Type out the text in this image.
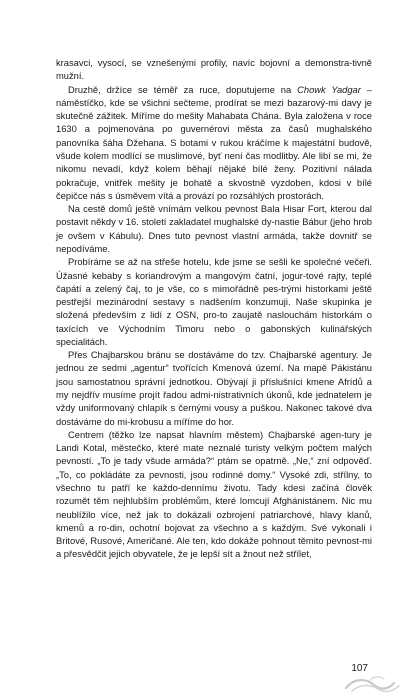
krasavci, vysocí, se vznešenými profily, navíc bojovní a demonstra-tivně mužní.

Druzhě, držíce se téměř za ruce, doputujeme na Chowk Yadgar – náměstíčko, kde se všichni sečteme, prodírat se mezi bazarový-mi davy je skutečně zážitek. Míříme do mešity Mahabata Chána. Byla založena v roce 1630 a pojmenována po guvernérovi města za časů mughalského panovníka šáha Džehana. S botami v rukou kráčíme k majestátní budově, všude kolem modlící se muslimové, byť není čas modlitby. Ale libí se mi, že nikomu nevadí, když kolem běhají nějaké bílé ženy. Pozitivní nálada pokračuje, vnitřek mešity je bohatě a skvostně vyzdoben, kdosi v bílé čepičce nás s úsměvem vítá a provází po rozsáhlých prostorách.

Na cestě domů ještě vnímám velkou pevnost Bala Hisar Fort, kterou dal postavit někdy v 16. století zakladatel mughalské dy-nastie Bábur (jeho hrob je ovšem v Kábulu). Dnes tuto pevnost vlastní armáda, takže dovnitř se nepodíváme.

Probíráme se až na střeše hotelu, kde jsme se sešli ke společné večeři. Úžasné kebaby s koriandrovým a mangovým čatní, jogur-tové rajty, teplé čapátí a zelený čaj, to je vše, co s mimořádně pes-trými historkami ještě pestřejší mezinárodní sestavy s nadšením konzumuji. Naše skupinka je složená především z lidí z OSN, pro-to zaujatě naslouchám historkám o taxících ve Východním Timoru nebo o gabonských kulinářských specialitách.

Přes Chajbarskou bránu se dostáváme do tzv. Chajbarské agentury. Je jednou ze sedmi „agentur“ tvořících Kmenová území. Na mapě Pákistánu jsou samostatnou správní jednotkou. Obývají ji příslušníci kmene Afrídů a my nejdřív musíme projít řadou admi-nistrativních úkonů, kde jednatelem je vždy uniformovaný chlapík s černými vousy a puškou. Nakonec takové dva dostáváme do mi-krobusu a míříme do hor.

Centrem (těžko lze napsat hlavním městem) Chajbarské agen-tury je Landi Kotal, městečko, které mate neznalé turisty velkým počtem malých pevností. „To je tady všude armáda?“ ptám se opatrně. „Ne,“ zní odpověď. „To, co pokládáte za pevnosti, jsou rodinné domy.“ Vysoké zdi, střílny, to všechno tu patří ke každo-dennímu životu. Tady kdesi začíná člověk rozumět těm nejhlubším problémům, které lomcují Afghánistánem. Nic mu neublížilo více, než jak to dokázali ozbrojení patriarchové, hlavy klanů, kmenů a ro-din, ochotní bojovat za všechno a s každým. Své vykonali i Britové, Rusové, Američané. Ale ten, kdo dokáže pohnout těmito pevnost-mi a přesvědčit jejich obyvatele, že je lepší sít a žnout než střílet,

107
